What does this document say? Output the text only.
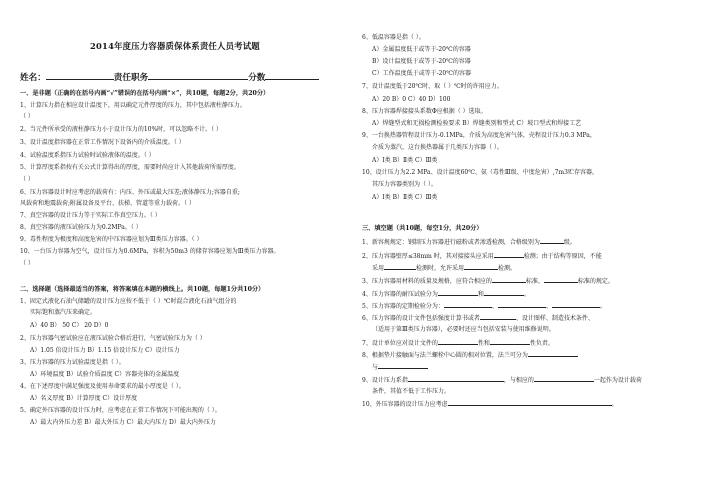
2014年度压力容器质保体系责任人员考试题
姓名：	责任职务	分数
一、是非题（正确的在括号内画“√”错误的在括号内画“×”，共10题，每题2分，共20分）
1、计算压力指在相应设计温度下，用以确定元件厚度的压力，其中包括液柱静压力。
（ ）
2、当元件所承受的液柱静压力小于设计压力的10%时，可以忽略不计。（ ）
3、设计温度指容器在正常工作情况下设备内的介质温度。（ ）
4、试验温度系指压力试验时试验液体的温度。（ ）
5、计算厚度系指按有关公式计算得出的厚度，需要时尚应计入其他载荷所需厚度。
（ ）
6、压力容器设计时应考虑的载荷有：内压、外压或最大压差;液体静压力;容器自重;
风载荷和地震载荷;附属设备及平台、扶梯、管道等重力载荷。（ ）
7、真空容器的设计压力等于实际工作真空压力。（ ）
8、真空容器的液压试验压力为0.2MPa。（ ）
9、毒性程度为极度和高度危害的中压容器应划为Ⅲ类压力容器。（ ）
10、一台压力容器为空气，设计压力为0.6MPa，容积为50m3 的储存容器应划为Ⅲ类压力容器。
（ ）
二、选择题（选择最适当的答案，将答案填在本题的横线上。共10题，每题1分共10分）
1、固定式液化石油气储罐的设计压力应按不低于（ ）℃时混合液化石油气组分的
实际饱和蒸汽压来确定。
A）40 B） 50 C） 20 D）0
2、压力容器气密试验应在液压试验合格后进行，气密试验压力为（ ）
A）1.05 倍设计压力 B）1.15 倍设计压力 C）设计压力
3、压力容器的压力试验温度是指（ ）。
A）环境温度 B）试验介质温度 C）容器壳体的金属温度
4、在下述厚度中满足强度及使用寿命要求的最小厚度是（ ）。
A）名义厚度 B）计算厚度 C）设计厚度
5、确定外压容器的设计压力时，应考虑在正常工作情况下可能出现的（ ）。
A）最大内外压力差 B）最大外压力 C）最大内压力 D）最大内外压力
6、低温容器是指（ ）。
A）金属温度低于或等于-20℃的容器
B）设计温度低于或等于-20℃的容器
C）工作温度低于或等于-20℃的容器
7、设计温度低于20℃时，取（ ）℃时的许用应力。
A）20 B）0 C）40 D）100
8、压力容器焊接接头系数Φ应根据（ ）选取。
A）焊缝型式和无损检测检验要求 B）焊缝类别和型式 C）坡口型式和焊接工艺
9、一台换热器管程设计压力-0.1MPa，介质为高度危害气体，壳程设计压力0.3 MPa，
介质为蒸汽，这台换热器属于几类压力容器（ ）。
A）Ⅰ类 B）Ⅱ类 C）Ⅲ类
10、设计压力为2.2 MPa、设计温度60℃、氨（毒性Ⅲ级、中度危害）,7m3贮存容器，
其压力容器类别为（ ）。
A）Ⅰ类 B）Ⅱ类 C）Ⅲ类
三、填空题（共10题，每空1分，共20分）
1、新容规规定：钢制压力容器进行磁粉或者渗透检测，合格级别为	级。
2、压力容器壁厚≤38mm 时，其对接接头应采用	检测；由于结构等原因，不能
采用	检测时，允许采用	检测。
3、压力容器用材料的质量及规格，应符合相应的	标准、	标准的规定。
4、压力容器的耐压试验分为	和	。
5、压力容器的定期检验分为：	、	、	。
6、压力容器的设计文件包括强度计算书或者	、设计图样、制造技术条件、
（适用于第Ⅲ类压力容器），必要时还应当包括安装与使用维修说明。
7、设计单位应对设计文件的	性和	性负责。
8、根据垫片接触面与法兰螺栓中心圆的相对位置，法兰可分为
与
9、设计压力系指	，与相应的	一起作为设计载荷
条件，其值不低于工作压力。
10、外压容器的设计压力应考虑	。
